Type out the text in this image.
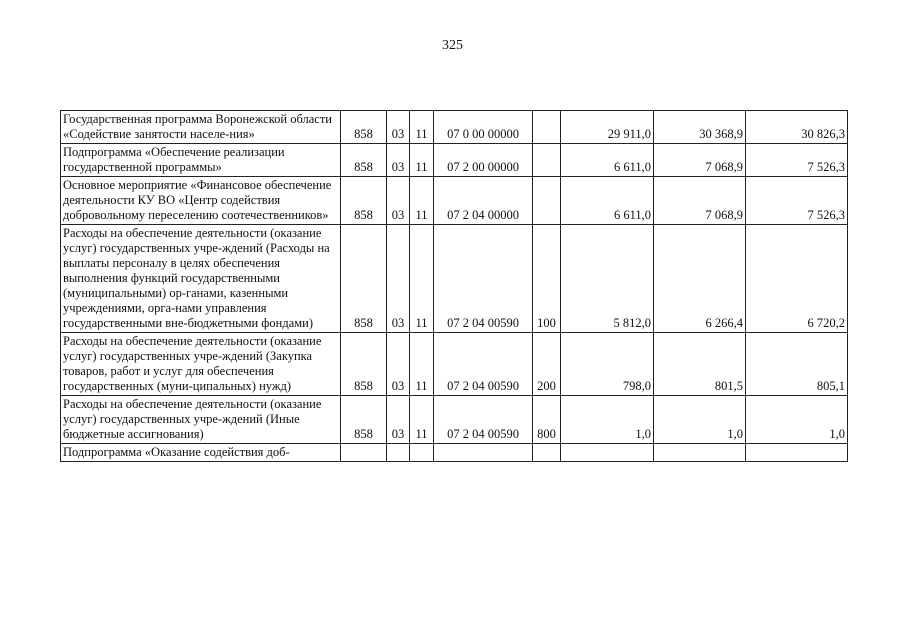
325
Государственная программа Воронежской области «Содействие занятости населе-ния»	858	03	11	07 0 00 00000		29 911,0	30 368,9	30 826,3
Подпрограмма «Обеспечение реализации государственной программы»	858	03	11	07 2 00 00000		6 611,0	7 068,9	7 526,3
Основное мероприятие «Финансовое обеспечение деятельности КУ ВО «Центр содействия добровольному переселению соотечественников»	858	03	11	07 2 04 00000		6 611,0	7 068,9	7 526,3
Расходы на обеспечение деятельности (оказание услуг) государственных учре-ждений (Расходы на выплаты персоналу в целях обеспечения выполнения функций государственными (муниципальными) ор-ганами, казенными учреждениями, орга-нами управления государственными вне-бюджетными фондами)	858	03	11	07 2 04 00590	100	5 812,0	6 266,4	6 720,2
Расходы на обеспечение деятельности (оказание услуг) государственных учре-ждений (Закупка товаров, работ и услуг для обеспечения государственных (муни-ципальных) нужд)	858	03	11	07 2 04 00590	200	798,0	801,5	805,1
Расходы на обеспечение деятельности (оказание услуг) государственных учре-ждений (Иные бюджетные ассигнования)	858	03	11	07 2 04 00590	800	1,0	1,0	1,0
Подпрограмма «Оказание содействия доб-								
